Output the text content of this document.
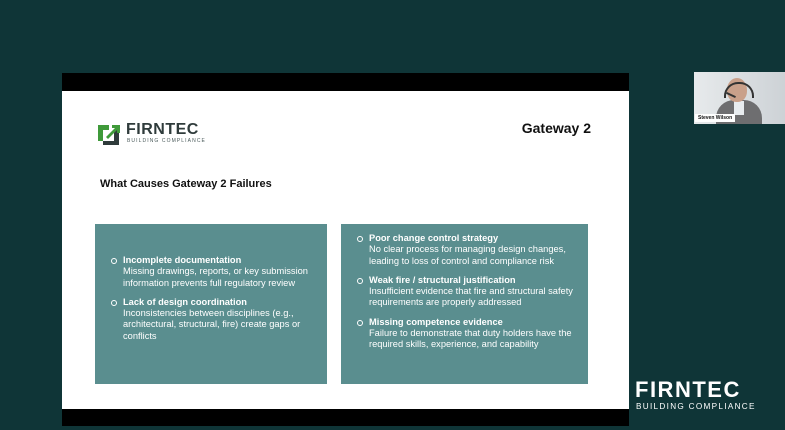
FIRNTEC
BUILDING COMPLIANCE
Gateway 2
What Causes Gateway 2 Failures
Incomplete documentation
Missing drawings, reports, or key submission information prevents full regulatory review
Lack of design coordination
Inconsistencies between disciplines (e.g., architectural, structural, fire) create gaps or conflicts
Poor change control strategy
No clear process for managing design changes, leading to loss of control and compliance risk
Weak fire / structural justification
Insufficient evidence that fire and structural safety requirements are properly addressed
Missing competence evidence
Failure to demonstrate that duty holders have the required skills, experience, and capability
Steven Wilson
FIRNTEC
BUILDING COMPLIANCE
